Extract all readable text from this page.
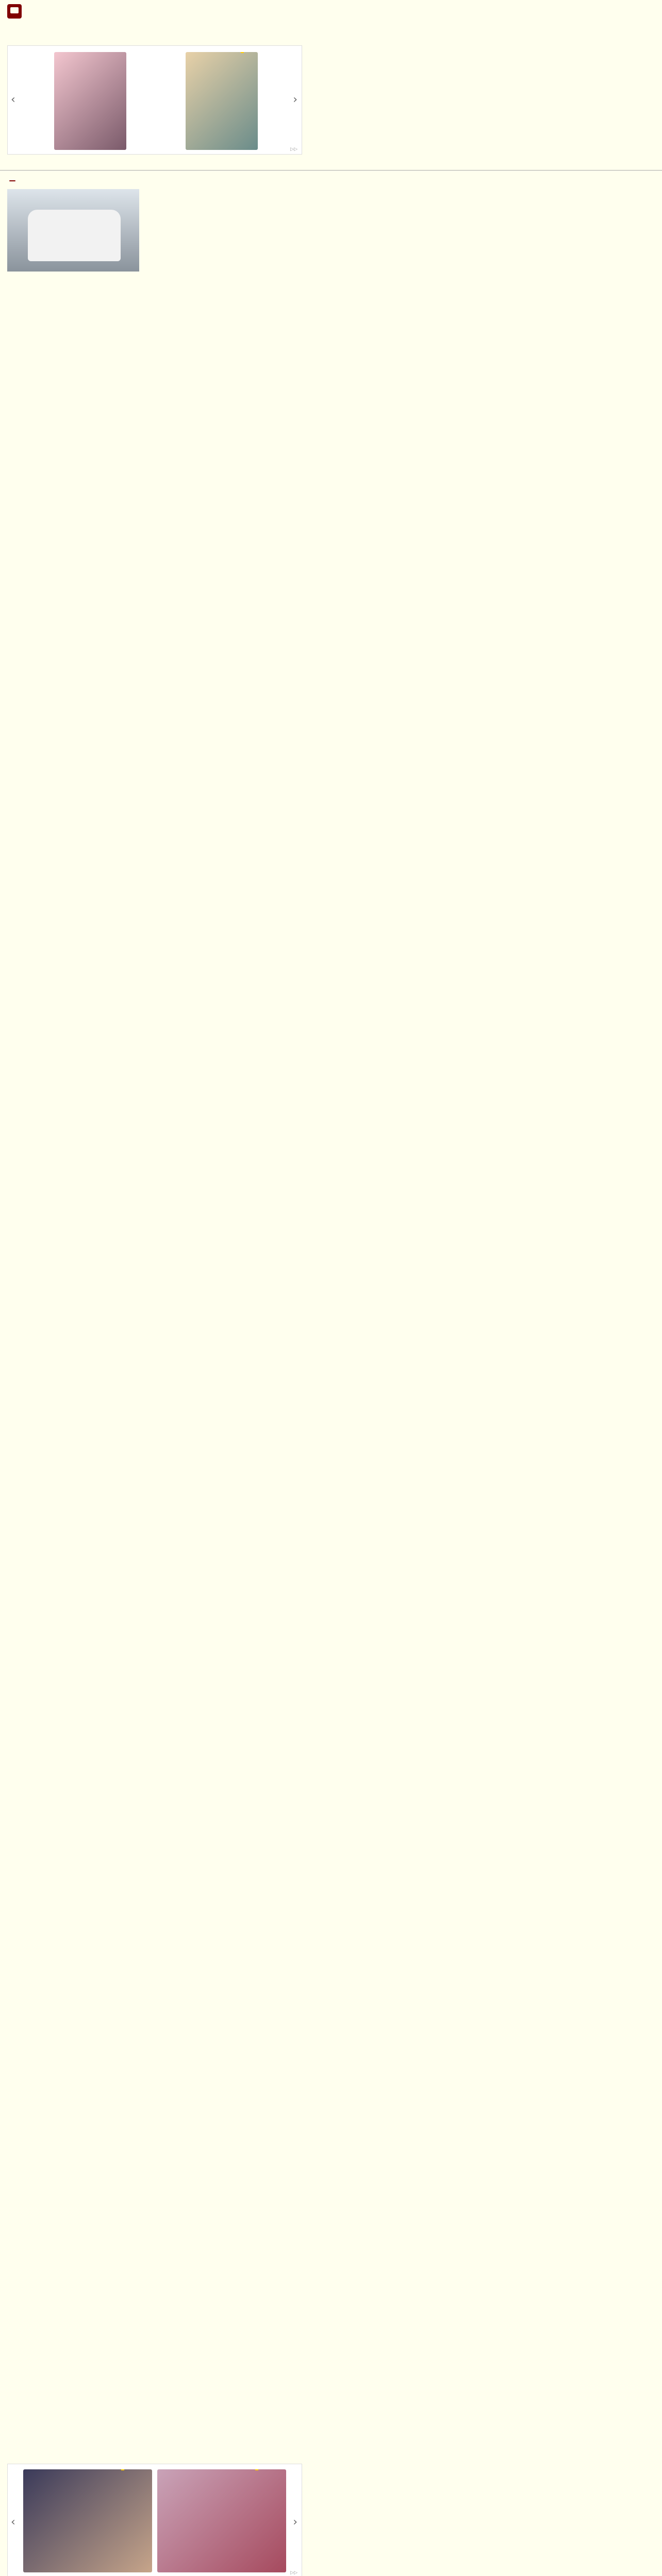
‹	›
▷▷
‹	›
▷▷
